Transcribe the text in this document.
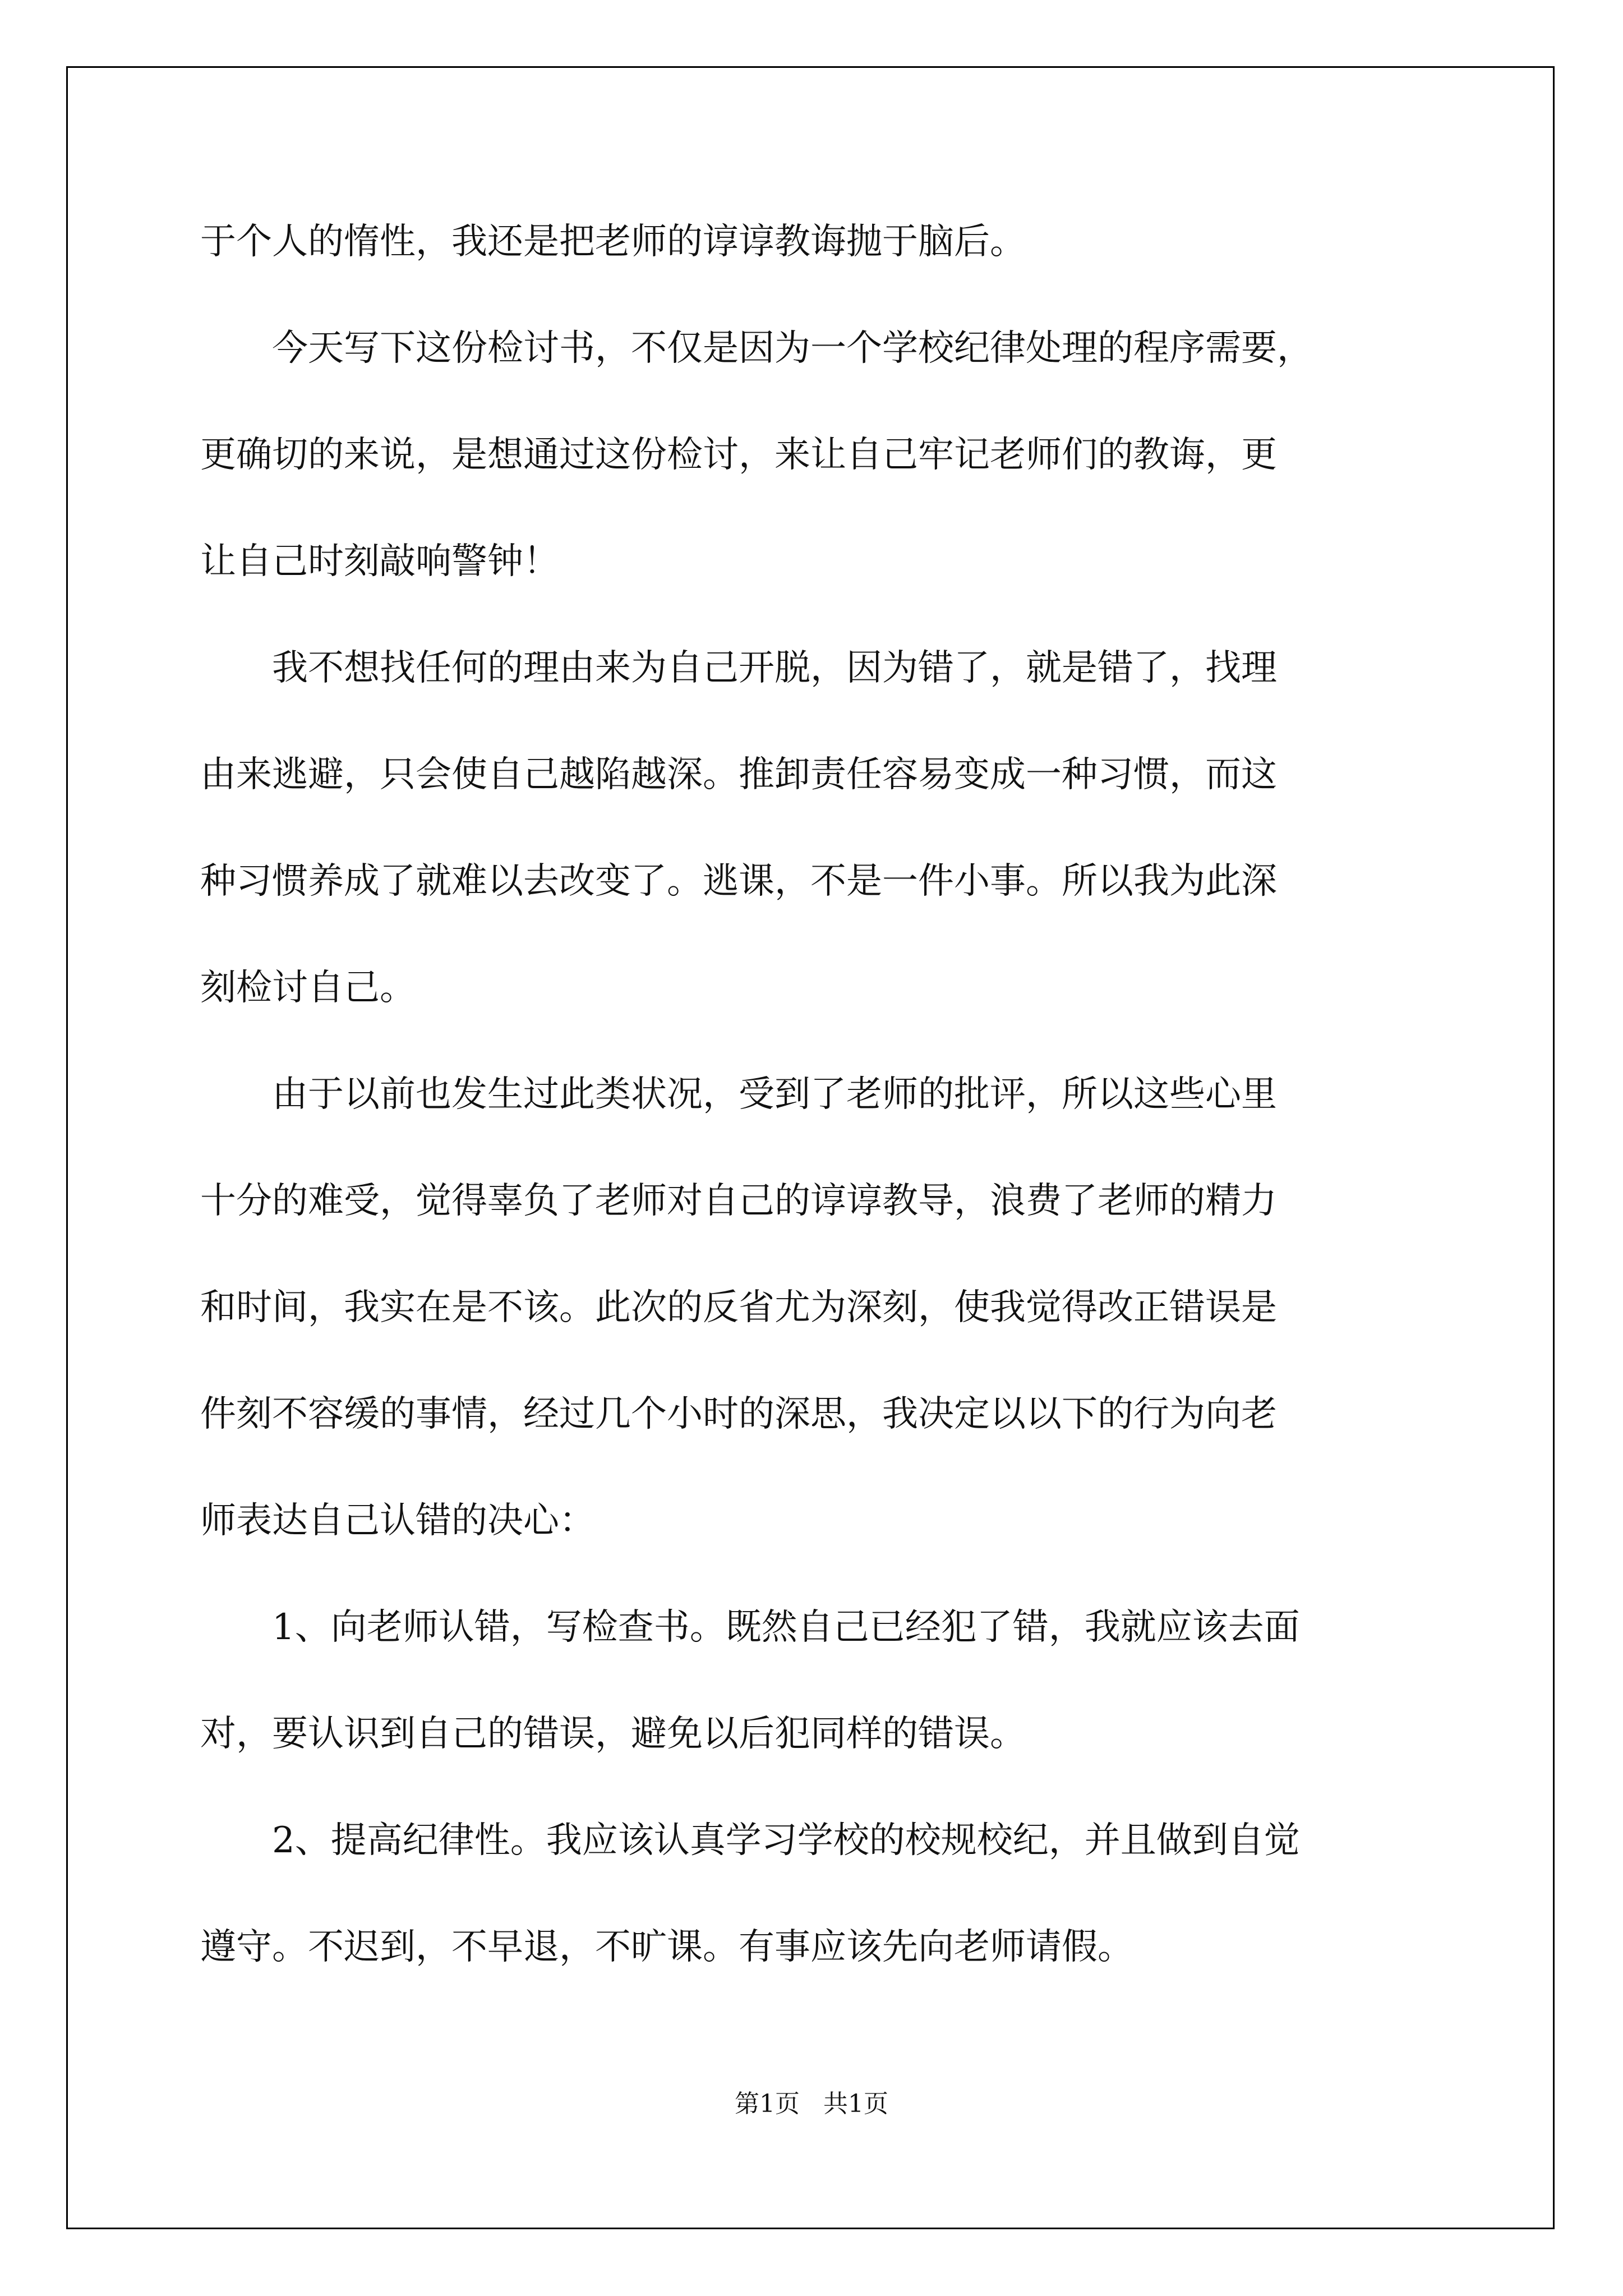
于个人的惰性，我还是把老师的谆谆教诲抛于脑后。
今天写下这份检讨书，不仅是因为一个学校纪律处理的程序需要，
更确切的来说，是想通过这份检讨，来让自己牢记老师们的教诲，更
让自己时刻敲响警钟！
我不想找任何的理由来为自己开脱，因为错了，就是错了，找理
由来逃避，只会使自己越陷越深。推卸责任容易变成一种习惯，而这
种习惯养成了就难以去改变了。逃课，不是一件小事。所以我为此深
刻检讨自己。
由于以前也发生过此类状况，受到了老师的批评，所以这些心里
十分的难受，觉得辜负了老师对自己的谆谆教导，浪费了老师的精力
和时间，我实在是不该。此次的反省尤为深刻，使我觉得改正错误是
件刻不容缓的事情，经过几个小时的深思，我决定以以下的行为向老
师表达自己认错的决心：
1、向老师认错，写检查书。既然自己已经犯了错，我就应该去面
对，要认识到自己的错误，避免以后犯同样的错误。
2、提高纪律性。我应该认真学习学校的校规校纪，并且做到自觉
遵守。不迟到，不早退，不旷课。有事应该先向老师请假。
第1页   共1页
